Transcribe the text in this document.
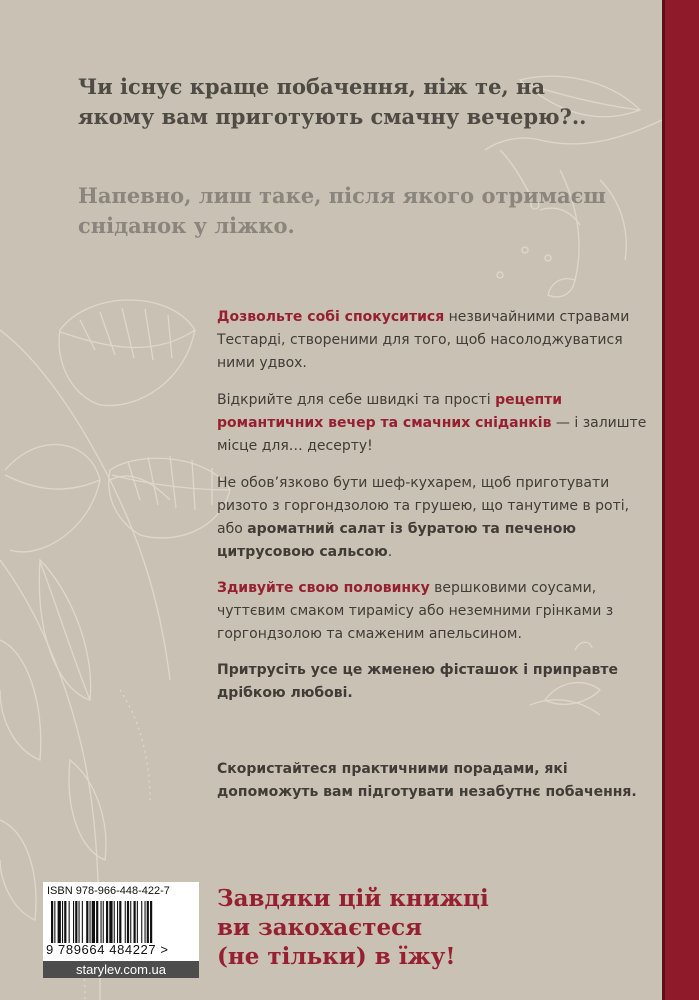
Чи існує краще побачення, ніж те, на якому вам приготують смачну вечерю?..
Напевно, лиш таке, після якого отримаєш сніданок у ліжко.
Дозвольте собі спокуситися незвичайними стравами Тестарді, створеними для того, щоб насолоджуватися ними удвох.
Відкрийте для себе швидкі та прості рецепти романтичних вечер та смачних сніданків — і залиште місце для… десерту!
Не обов’язково бути шеф-кухарем, щоб приготувати ризото з горгондзолою та грушею, що танутиме в роті, або ароматний салат із буратою та печеною цитрусовою сальсою.
Здивуйте свою половинку вершковими соусами, чуттєвим смаком тирамісу або неземними грінками з горгондзолою та смаженим апельсином.
Притрусіть усе це жменею фісташок і приправте дрібкою любові.
Скористайтеся практичними порадами, які допоможуть вам підготувати незабутнє побачення.
Завдяки цій книжці
ви закохаєтеся
(не тільки) в їжу!
ISBN 978-966-448-422-7
9 789664 484227 >
starylev.com.ua
